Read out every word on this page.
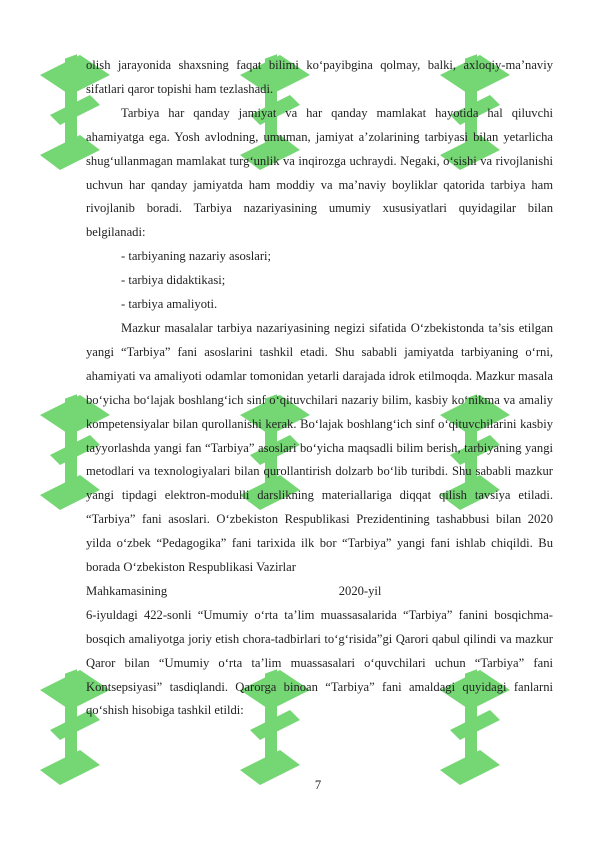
olish jarayonida shaxsning faqat bilimi ko‘payibgina qolmay, balki, axloqiy-ma’naviy sifatlari qaror topishi ham tezlashadi.

Tarbiya har qanday jamiyat va har qanday mamlakat hayotida hal qiluvchi ahamiyatga ega. Yosh avlodning, umuman, jamiyat a’zolarining tarbiyasi bilan yetarlicha shug‘ullanmagan mamlakat turg‘unlik va inqirozga uchraydi. Negaki, o‘sishi va rivojlanishi uchvun har qanday jamiyatda ham moddiy va ma’naviy boyliklar qatorida tarbiya ham rivojlanib boradi. Tarbiya nazariyasining umumiy xususiyatlari quyidagilar bilan belgilanadi:

- tarbiyaning nazariy asoslari;

- tarbiya didaktikasi;

- tarbiya amaliyoti.

Mazkur masalalar tarbiya nazariyasining negizi sifatida O‘zbekistonda ta’sis etilgan yangi “Tarbiya” fani asoslarini tashkil etadi. Shu sababli jamiyatda tarbiyaning o‘rni, ahamiyati va amaliyoti odamlar tomonidan yetarli darajada idrok etilmoqda. Mazkur masala bo‘yicha bo‘lajak boshlang‘ich sinf o‘qituvchilari nazariy bilim, kasbiy ko‘nikma va amaliy kompetensiyalar bilan qurollanishi kerak. Bo‘lajak boshlang‘ich sinf o‘qituvchilarini kasbiy tayyorlashda yangi fan “Tarbiya” asoslari bo‘yicha maqsadli bilim berish, tarbiyaning yangi metodlari va texnologiyalari bilan qurollantirish dolzarb bo‘lib turibdi. Shu sababli mazkur yangi tipdagi elektron-modulli darslikning materiallariga diqqat qilish tavsiya etiladi. “Tarbiya” fani asoslari. O‘zbekiston Respublikasi Prezidentining tashabbusi bilan 2020 yilda o‘zbek “Pedagogika” fani tarixida ilk bor “Tarbiya” yangi fani ishlab chiqildi. Bu borada O‘zbekiston Respublikasi Vazirlar

Mahkamasining	2020-yil

6-iyuldagi 422-sonli “Umumiy o‘rta ta’lim muassasalarida “Tarbiya” fanini bosqichma-bosqich amaliyotga joriy etish chora-tadbirlari to‘g‘risida”gi Qarori qabul qilindi va mazkur Qaror bilan “Umumiy o‘rta ta’lim muassasalari o‘quvchilari uchun “Tarbiya” fani Kontsepsiyasi” tasdiqlandi. Qarorga binoan “Tarbiya” fani amaldagi quyidagi fanlarni qo‘shish hisobiga tashkil etildi:

7
